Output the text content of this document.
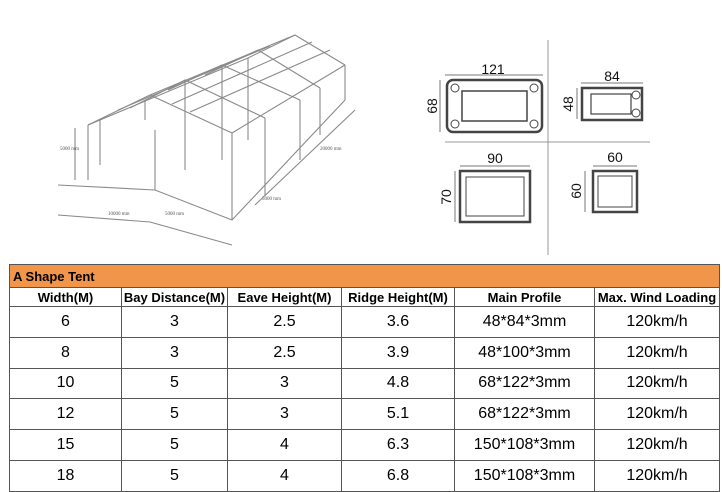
5000 mm
10000 mm	5000 mm
20000 mm
5000 mm
121
68
84
48
90
70
60
60
A Shape Tent					
Width(M)	Bay Distance(M)	Eave Height(M)	Ridge Height(M)	Main Profile	Max. Wind Loading
6	3	2.5	3.6	48*84*3mm	120km/h
8	3	2.5	3.9	48*100*3mm	120km/h
10	5	3	4.8	68*122*3mm	120km/h
12	5	3	5.1	68*122*3mm	120km/h
15	5	4	6.3	150*108*3mm	120km/h
18	5	4	6.8	150*108*3mm	120km/h
